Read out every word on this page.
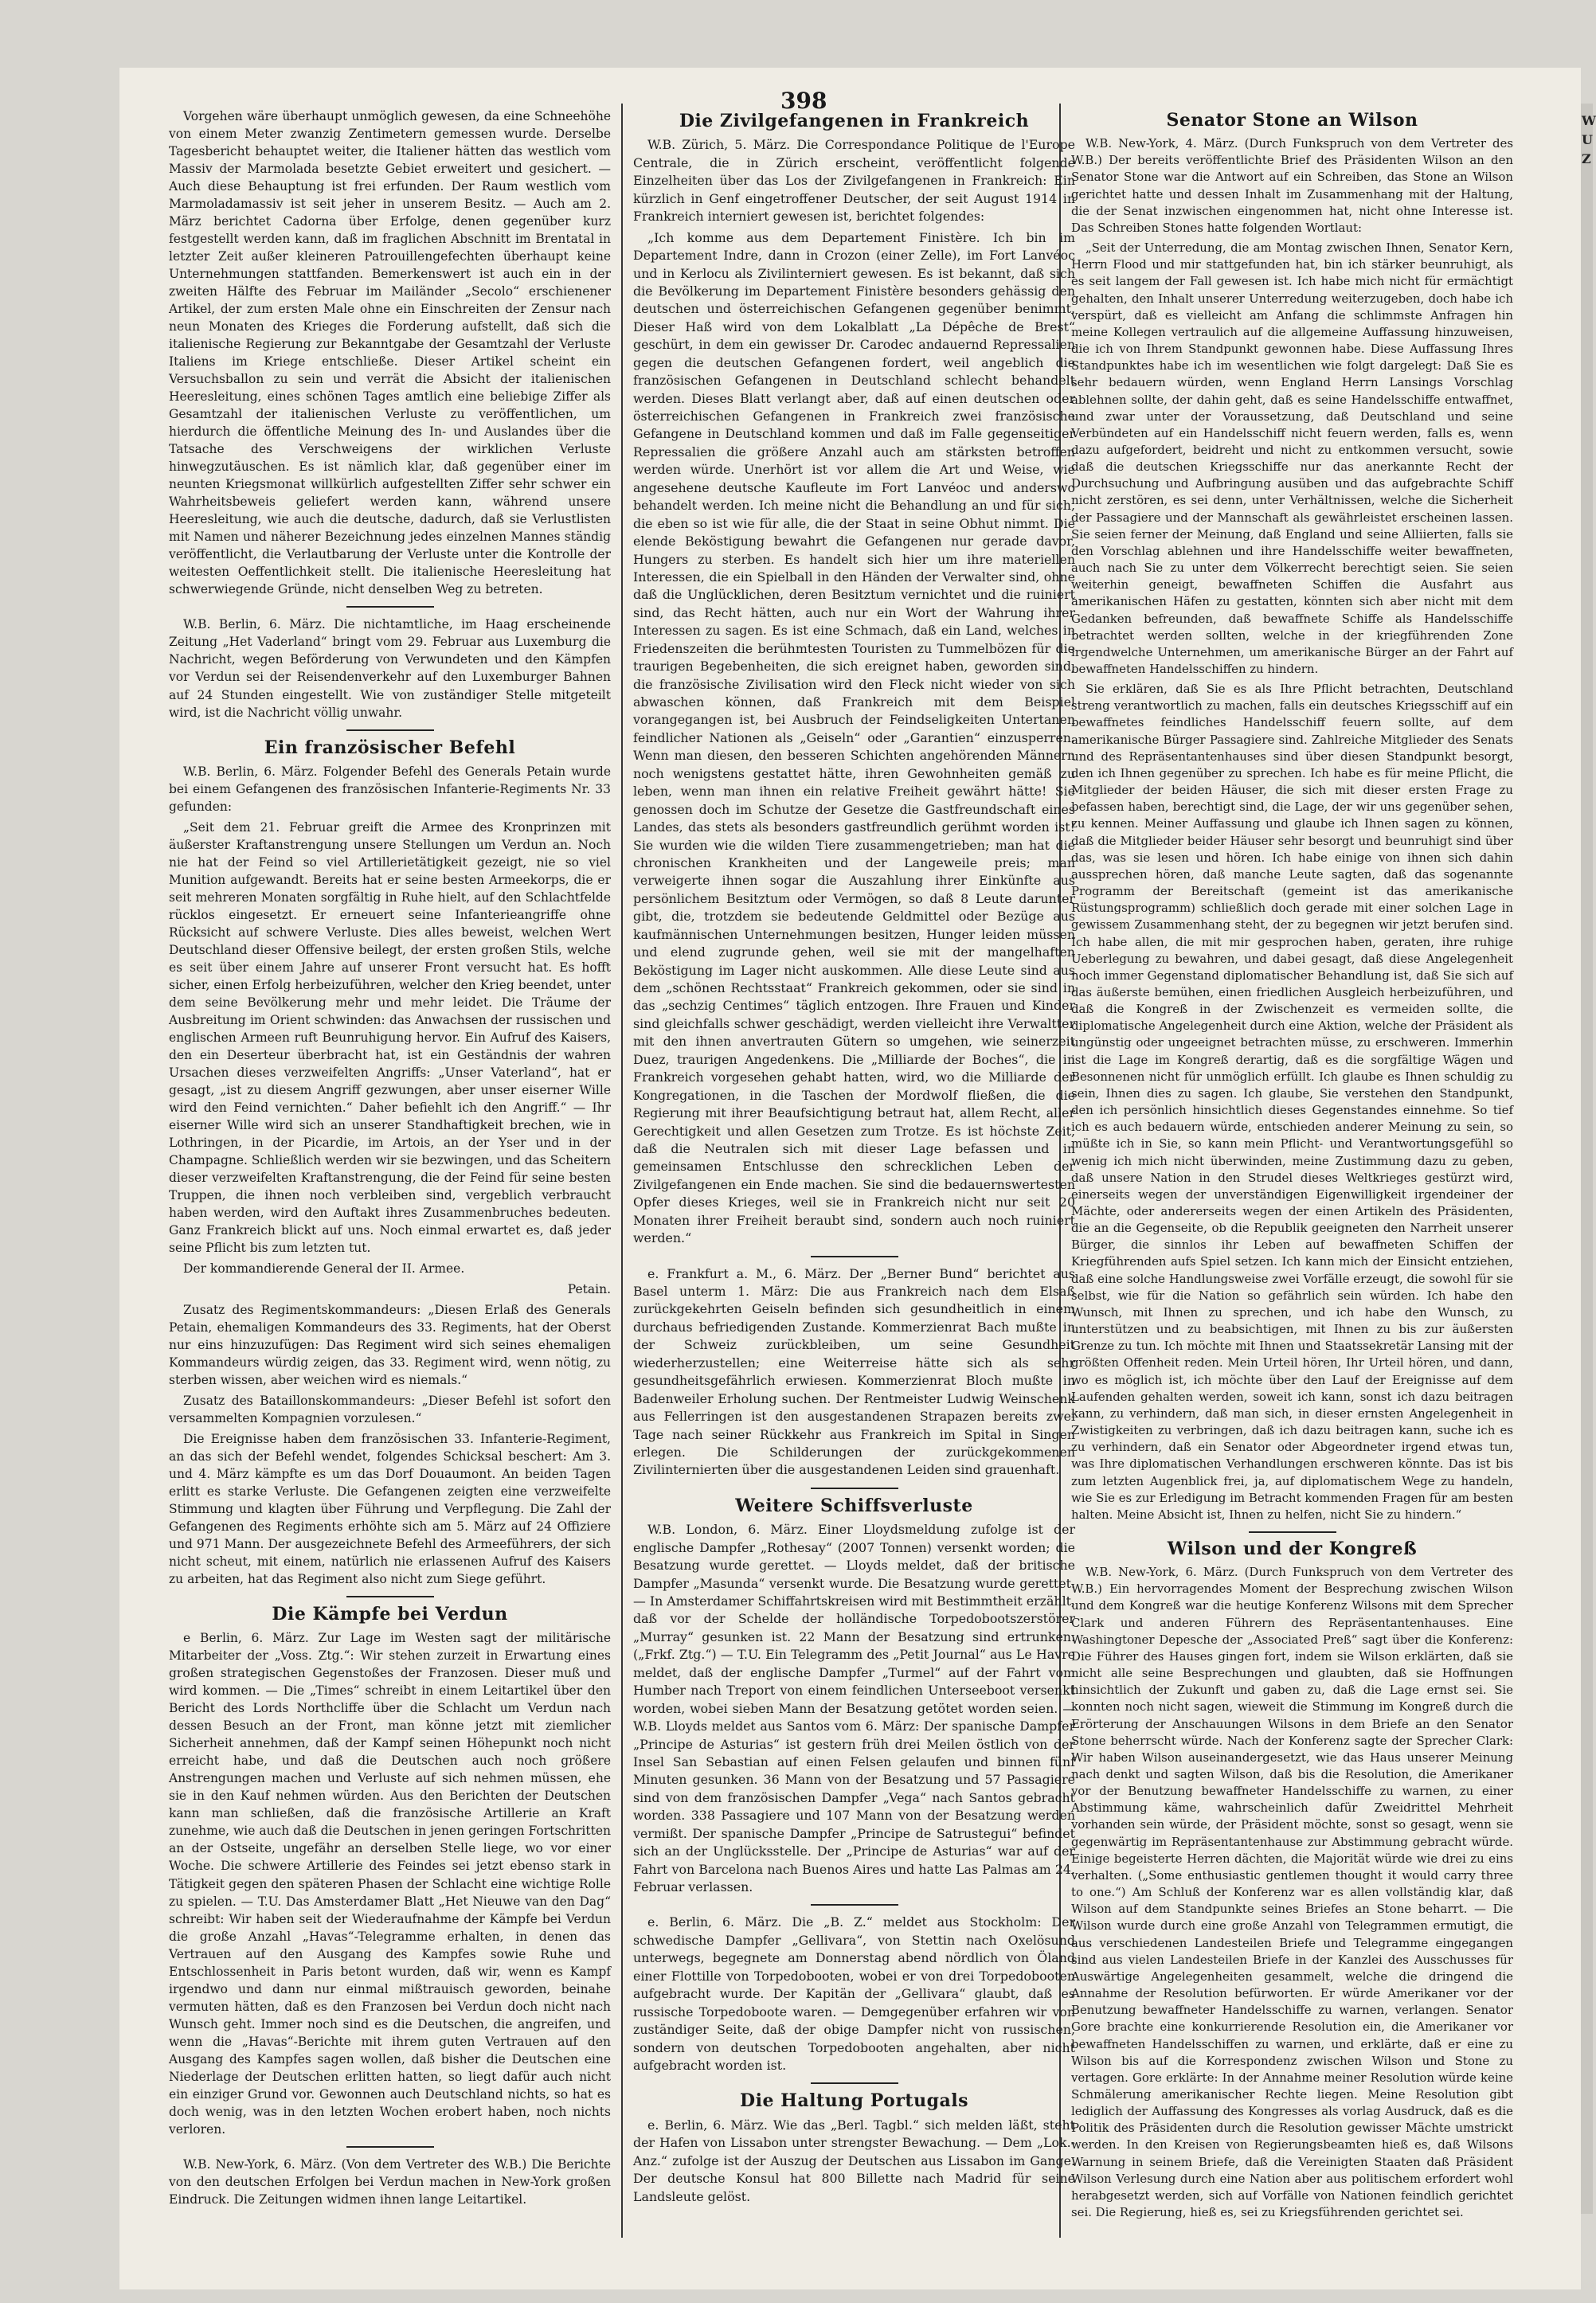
W U Z
398

Vorgehen wäre überhaupt unmöglich gewesen, da eine Schneehöhe von einem Meter zwanzig Zentimetern gemessen wurde. Derselbe Tagesbericht behauptet weiter, die Italiener hätten das westlich vom Massiv der Marmolada besetzte Gebiet erweitert und gesichert. — Auch diese Behauptung ist frei erfunden. Der Raum westlich vom Marmoladamassiv ist seit jeher in unserem Besitz. — Auch am 2. März berichtet Cadorna über Erfolge, denen gegenüber kurz festgestellt werden kann, daß im fraglichen Abschnitt im Brentatal in letzter Zeit außer kleineren Patrouillengefechten überhaupt keine Unternehmungen stattfanden. Bemerkenswert ist auch ein in der zweiten Hälfte des Februar im Mailänder „Secolo“ erschienener Artikel, der zum ersten Male ohne ein Einschreiten der Zensur nach neun Monaten des Krieges die Forderung aufstellt, daß sich die italienische Regierung zur Bekanntgabe der Gesamtzahl der Verluste Italiens im Kriege entschließe. Dieser Artikel scheint ein Versuchsballon zu sein und verrät die Absicht der italienischen Heeresleitung, eines schönen Tages amtlich eine beliebige Ziffer als Gesamtzahl der italienischen Verluste zu veröffentlichen, um hierdurch die öffentliche Meinung des In- und Auslandes über die Tatsache des Verschweigens der wirklichen Verluste hinwegzutäuschen. Es ist nämlich klar, daß gegenüber einer im neunten Kriegsmonat willkürlich aufgestellten Ziffer sehr schwer ein Wahrheitsbeweis geliefert werden kann, während unsere Heeresleitung, wie auch die deutsche, dadurch, daß sie Verlustlisten mit Namen und näherer Bezeichnung jedes einzelnen Mannes ständig veröffentlicht, die Verlautbarung der Verluste unter die Kontrolle der weitesten Oeffentlichkeit stellt. Die italienische Heeresleitung hat schwerwiegende Gründe, nicht denselben Weg zu betreten.

W.B. Berlin, 6. März. Die nichtamtliche, im Haag erscheinende Zeitung „Het Vaderland“ bringt vom 29. Februar aus Luxemburg die Nachricht, wegen Beförderung von Verwundeten und den Kämpfen vor Verdun sei der Reisendenverkehr auf den Luxemburger Bahnen auf 24 Stunden eingestellt. Wie von zuständiger Stelle mitgeteilt wird, ist die Nachricht völlig unwahr.

Ein französischer Befehl

W.B. Berlin, 6. März. Folgender Befehl des Generals Petain wurde bei einem Gefangenen des französischen Infanterie-Regiments Nr. 33 gefunden:

„Seit dem 21. Februar greift die Armee des Kronprinzen mit äußerster Kraftanstrengung unsere Stellungen um Verdun an. Noch nie hat der Feind so viel Artillerietätigkeit gezeigt, nie so viel Munition aufgewandt. Bereits hat er seine besten Armeekorps, die er seit mehreren Monaten sorgfältig in Ruhe hielt, auf den Schlachtfelde rücklos eingesetzt. Er erneuert seine Infanterieangriffe ohne Rücksicht auf schwere Verluste. Dies alles beweist, welchen Wert Deutschland dieser Offensive beilegt, der ersten großen Stils, welche es seit über einem Jahre auf unserer Front versucht hat. Es hofft sicher, einen Erfolg herbeizuführen, welcher den Krieg beendet, unter dem seine Bevölkerung mehr und mehr leidet. Die Träume der Ausbreitung im Orient schwinden: das Anwachsen der russischen und englischen Armeen ruft Beunruhigung hervor. Ein Aufruf des Kaisers, den ein Deserteur überbracht hat, ist ein Geständnis der wahren Ursachen dieses verzweifelten Angriffs: „Unser Vaterland“, hat er gesagt, „ist zu diesem Angriff gezwungen, aber unser eiserner Wille wird den Feind vernichten.“ Daher befiehlt ich den Angriff.“ — Ihr eiserner Wille wird sich an unserer Standhaftigkeit brechen, wie in Lothringen, in der Picardie, im Artois, an der Yser und in der Champagne. Schließlich werden wir sie bezwingen, und das Scheitern dieser verzweifelten Kraftanstrengung, die der Feind für seine besten Truppen, die ihnen noch verbleiben sind, vergeblich verbraucht haben werden, wird den Auftakt ihres Zusammenbruches bedeuten. Ganz Frankreich blickt auf uns. Noch einmal erwartet es, daß jeder seine Pflicht bis zum letzten tut.

Der kommandierende General der II. Armee.

Petain.

Zusatz des Regimentskommandeurs: „Diesen Erlaß des Generals Petain, ehemaligen Kommandeurs des 33. Regiments, hat der Oberst nur eins hinzuzufügen: Das Regiment wird sich seines ehemaligen Kommandeurs würdig zeigen, das 33. Regiment wird, wenn nötig, zu sterben wissen, aber weichen wird es niemals.“

Zusatz des Bataillonskommandeurs: „Dieser Befehl ist sofort den versammelten Kompagnien vorzulesen.“

Die Ereignisse haben dem französischen 33. Infanterie-Regiment, an das sich der Befehl wendet, folgendes Schicksal beschert: Am 3. und 4. März kämpfte es um das Dorf Douaumont. An beiden Tagen erlitt es starke Verluste. Die Gefangenen zeigten eine verzweifelte Stimmung und klagten über Führung und Verpflegung. Die Zahl der Gefangenen des Regiments erhöhte sich am 5. März auf 24 Offiziere und 971 Mann. Der ausgezeichnete Befehl des Armeeführers, der sich nicht scheut, mit einem, natürlich nie erlassenen Aufruf des Kaisers zu arbeiten, hat das Regiment also nicht zum Siege geführt.

Die Kämpfe bei Verdun

e Berlin, 6. März. Zur Lage im Westen sagt der militärische Mitarbeiter der „Voss. Ztg.“: Wir stehen zurzeit in Erwartung eines großen strategischen Gegenstoßes der Franzosen. Dieser muß und wird kommen. — Die „Times“ schreibt in einem Leitartikel über den Bericht des Lords Northcliffe über die Schlacht um Verdun nach dessen Besuch an der Front, man könne jetzt mit ziemlicher Sicherheit annehmen, daß der Kampf seinen Höhepunkt noch nicht erreicht habe, und daß die Deutschen auch noch größere Anstrengungen machen und Verluste auf sich nehmen müssen, ehe sie in den Kauf nehmen würden. Aus den Berichten der Deutschen kann man schließen, daß die französische Artillerie an Kraft zunehme, wie auch daß die Deutschen in jenen geringen Fortschritten an der Ostseite, ungefähr an derselben Stelle liege, wo vor einer Woche. Die schwere Artillerie des Feindes sei jetzt ebenso stark in Tätigkeit gegen den späteren Phasen der Schlacht eine wichtige Rolle zu spielen. — T.U. Das Amsterdamer Blatt „Het Nieuwe van den Dag“ schreibt: Wir haben seit der Wiederaufnahme der Kämpfe bei Verdun die große Anzahl „Havas“-Telegramme erhalten, in denen das Vertrauen auf den Ausgang des Kampfes sowie Ruhe und Entschlossenheit in Paris betont wurden, daß wir, wenn es Kampf irgendwo und dann nur einmal mißtrauisch geworden, beinahe vermuten hätten, daß es den Franzosen bei Verdun doch nicht nach Wunsch geht. Immer noch sind es die Deutschen, die angreifen, und wenn die „Havas“-Berichte mit ihrem guten Vertrauen auf den Ausgang des Kampfes sagen wollen, daß bisher die Deutschen eine Niederlage der Deutschen erlitten hatten, so liegt dafür auch nicht ein einziger Grund vor. Gewonnen auch Deutschland nichts, so hat es doch wenig, was in den letzten Wochen erobert haben, noch nichts verloren.

W.B. New-York, 6. März. (Von dem Vertreter des W.B.) Die Berichte von den deutschen Erfolgen bei Verdun machen in New-York großen Eindruck. Die Zeitungen widmen ihnen lange Leitartikel.

Die Zivilgefangenen in Frankreich

W.B. Zürich, 5. März. Die Correspondance Politique de l'Europe Centrale, die in Zürich erscheint, veröffentlicht folgende Einzelheiten über das Los der Zivilgefangenen in Frankreich: Ein kürzlich in Genf eingetroffener Deutscher, der seit August 1914 in Frankreich interniert gewesen ist, berichtet folgendes:

„Ich komme aus dem Departement Finistère. Ich bin im Departement Indre, dann in Crozon (einer Zelle), im Fort Lanvéoc und in Kerlocu als Zivilinterniert gewesen. Es ist bekannt, daß sich die Bevölkerung im Departement Finistère besonders gehässig den deutschen und österreichischen Gefangenen gegenüber benimmt. Dieser Haß wird von dem Lokalblatt „La Dépêche de Brest“ geschürt, in dem ein gewisser Dr. Carodec andauernd Repressalien gegen die deutschen Gefangenen fordert, weil angeblich die französischen Gefangenen in Deutschland schlecht behandelt werden. Dieses Blatt verlangt aber, daß auf einen deutschen oder österreichischen Gefangenen in Frankreich zwei französische Gefangene in Deutschland kommen und daß im Falle gegenseitiger Repressalien die größere Anzahl auch am stärksten betroffen werden würde. Unerhört ist vor allem die Art und Weise, wie angesehene deutsche Kaufleute im Fort Lanvéoc und anderswo behandelt werden. Ich meine nicht die Behandlung an und für sich, die eben so ist wie für alle, die der Staat in seine Obhut nimmt. Die elende Beköstigung bewahrt die Gefangenen nur gerade davor, Hungers zu sterben. Es handelt sich hier um ihre materiellen Interessen, die ein Spielball in den Händen der Verwalter sind, ohne daß die Unglücklichen, deren Besitztum vernichtet und die ruiniert sind, das Recht hätten, auch nur ein Wort der Wahrung ihrer Interessen zu sagen. Es ist eine Schmach, daß ein Land, welches in Friedenszeiten die berühmtesten Touristen zu Tummelbözen für die traurigen Begebenheiten, die sich ereignet haben, geworden sind, die französische Zivilisation wird den Fleck nicht wieder von sich abwaschen können, daß Frankreich mit dem Beispiel vorangegangen ist, bei Ausbruch der Feindseligkeiten Untertanen feindlicher Nationen als „Geiseln“ oder „Garantien“ einzusperren. Wenn man diesen, den besseren Schichten angehörenden Männern noch wenigstens gestattet hätte, ihren Gewohnheiten gemäß zu leben, wenn man ihnen ein relative Freiheit gewährt hätte! Sie genossen doch im Schutze der Gesetze die Gastfreundschaft eines Landes, das stets als besonders gastfreundlich gerühmt worden ist! Sie wurden wie die wilden Tiere zusammengetrieben; man hat die chronischen Krankheiten und der Langeweile preis; man verweigerte ihnen sogar die Auszahlung ihrer Einkünfte aus persönlichem Besitztum oder Vermögen, so daß 8 Leute darunter gibt, die, trotzdem sie bedeutende Geldmittel oder Bezüge aus kaufmännischen Unternehmungen besitzen, Hunger leiden müssen und elend zugrunde gehen, weil sie mit der mangelhaften Beköstigung im Lager nicht auskommen. Alle diese Leute sind aus dem „schönen Rechtsstaat“ Frankreich gekommen, oder sie sind in das „sechzig Centimes“ täglich entzogen. Ihre Frauen und Kinder sind gleichfalls schwer geschädigt, werden vielleicht ihre Verwaltter mit den ihnen anvertrauten Gütern so umgehen, wie seinerzeit Duez, traurigen Angedenkens. Die „Milliarde der Boches“, die in Frankreich vorgesehen gehabt hatten, wird, wo die Milliarde der Kongregationen, in die Taschen der Mordwolf fließen, die die Regierung mit ihrer Beaufsichtigung betraut hat, allem Recht, aller Gerechtigkeit und allen Gesetzen zum Trotze. Es ist höchste Zeit, daß die Neutralen sich mit dieser Lage befassen und in gemeinsamen Entschlusse den schrecklichen Leben der Zivilgefangenen ein Ende machen. Sie sind die bedauernswertesten Opfer dieses Krieges, weil sie in Frankreich nicht nur seit 20 Monaten ihrer Freiheit beraubt sind, sondern auch noch ruiniert werden.“

e. Frankfurt a. M., 6. März. Der „Berner Bund“ berichtet aus Basel unterm 1. März: Die aus Frankreich nach dem Elsaß zurückgekehrten Geiseln befinden sich gesundheitlich in einem durchaus befriedigenden Zustande. Kommerzienrat Bach mußte in der Schweiz zurückbleiben, um seine Gesundheit wiederherzustellen; eine Weiterreise hätte sich als sehr gesundheitsgefährlich erwiesen. Kommerzienrat Bloch mußte in Badenweiler Erholung suchen. Der Rentmeister Ludwig Weinschenk aus Fellerringen ist den ausgestandenen Strapazen bereits zwei Tage nach seiner Rückkehr aus Frankreich im Spital in Singen erlegen. Die Schilderungen der zurückgekommenen Zivilinternierten über die ausgestandenen Leiden sind grauenhaft.

Weitere Schiffsverluste

W.B. London, 6. März. Einer Lloydsmeldung zufolge ist der englische Dampfer „Rothesay“ (2007 Tonnen) versenkt worden; die Besatzung wurde gerettet. — Lloyds meldet, daß der britische Dampfer „Masunda“ versenkt wurde. Die Besatzung wurde gerettet. — In Amsterdamer Schiffahrtskreisen wird mit Bestimmtheit erzählt, daß vor der Schelde der holländische Torpedobootszerstörer „Murray“ gesunken ist. 22 Mann der Besatzung sind ertrunken. („Frkf. Ztg.“) — T.U. Ein Telegramm des „Petit Journal“ aus Le Havre meldet, daß der englische Dampfer „Turmel“ auf der Fahrt vom Humber nach Treport von einem feindlichen Unterseeboot versenkt worden, wobei sieben Mann der Besatzung getötet worden seien. — W.B. Lloyds meldet aus Santos vom 6. März: Der spanische Dampfer „Principe de Asturias“ ist gestern früh drei Meilen östlich von der Insel San Sebastian auf einen Felsen gelaufen und binnen fünf Minuten gesunken. 36 Mann von der Besatzung und 57 Passagiere sind von dem französischen Dampfer „Vega“ nach Santos gebracht worden. 338 Passagiere und 107 Mann von der Besatzung werden vermißt. Der spanische Dampfer „Principe de Satrustegui“ befindet sich an der Unglücksstelle. Der „Principe de Asturias“ war auf der Fahrt von Barcelona nach Buenos Aires und hatte Las Palmas am 24. Februar verlassen.

e. Berlin, 6. März. Die „B. Z.“ meldet aus Stockholm: Der schwedische Dampfer „Gellivara“, von Stettin nach Oxelösund unterwegs, begegnete am Donnerstag abend nördlich von Öland einer Flottille von Torpedobooten, wobei er von drei Torpedobooten aufgebracht wurde. Der Kapitän der „Gellivara“ glaubt, daß es russische Torpedoboote waren. — Demgegenüber erfahren wir von zuständiger Seite, daß der obige Dampfer nicht von russischen, sondern von deutschen Torpedobooten angehalten, aber nicht aufgebracht worden ist.

Die Haltung Portugals

e. Berlin, 6. März. Wie das „Berl. Tagbl.“ sich melden läßt, steht der Hafen von Lissabon unter strengster Bewachung. — Dem „Lok.-Anz.“ zufolge ist der Auszug der Deutschen aus Lissabon im Gange. Der deutsche Konsul hat 800 Billette nach Madrid für seine Landsleute gelöst.

Senator Stone an Wilson

W.B. New-York, 4. März. (Durch Funkspruch von dem Vertreter des W.B.) Der bereits veröffentlichte Brief des Präsidenten Wilson an den Senator Stone war die Antwort auf ein Schreiben, das Stone an Wilson gerichtet hatte und dessen Inhalt im Zusammenhang mit der Haltung, die der Senat inzwischen eingenommen hat, nicht ohne Interesse ist. Das Schreiben Stones hatte folgenden Wortlaut:

„Seit der Unterredung, die am Montag zwischen Ihnen, Senator Kern, Herrn Flood und mir stattgefunden hat, bin ich stärker beunruhigt, als es seit langem der Fall gewesen ist. Ich habe mich nicht für ermächtigt gehalten, den Inhalt unserer Unterredung weiterzugeben, doch habe ich verspürt, daß es vielleicht am Anfang die schlimmste Anfragen hin meine Kollegen vertraulich auf die allgemeine Auffassung hinzuweisen, die ich von Ihrem Standpunkt gewonnen habe. Diese Auffassung Ihres Standpunktes habe ich im wesentlichen wie folgt dargelegt: Daß Sie es sehr bedauern würden, wenn England Herrn Lansings Vorschlag ablehnen sollte, der dahin geht, daß es seine Handelsschiffe entwaffnet, und zwar unter der Voraussetzung, daß Deutschland und seine Verbündeten auf ein Handelsschiff nicht feuern werden, falls es, wenn dazu aufgefordert, beidreht und nicht zu entkommen versucht, sowie daß die deutschen Kriegsschiffe nur das anerkannte Recht der Durchsuchung und Aufbringung ausüben und das aufgebrachte Schiff nicht zerstören, es sei denn, unter Verhältnissen, welche die Sicherheit der Passagiere und der Mannschaft als gewährleistet erscheinen lassen. Sie seien ferner der Meinung, daß England und seine Alliierten, falls sie den Vorschlag ablehnen und ihre Handelsschiffe weiter bewaffneten, auch nach Sie zu unter dem Völkerrecht berechtigt seien. Sie seien weiterhin geneigt, bewaffneten Schiffen die Ausfahrt aus amerikanischen Häfen zu gestatten, könnten sich aber nicht mit dem Gedanken befreunden, daß bewaffnete Schiffe als Handelsschiffe betrachtet werden sollten, welche in der kriegführenden Zone irgendwelche Unternehmen, um amerikanische Bürger an der Fahrt auf bewaffneten Handelsschiffen zu hindern.

Sie erklären, daß Sie es als Ihre Pflicht betrachten, Deutschland streng verantwortlich zu machen, falls ein deutsches Kriegsschiff auf ein bewaffnetes feindliches Handelsschiff feuern sollte, auf dem amerikanische Bürger Passagiere sind. Zahlreiche Mitglieder des Senats und des Repräsentantenhauses sind über diesen Standpunkt besorgt, den ich Ihnen gegenüber zu sprechen. Ich habe es für meine Pflicht, die Mitglieder der beiden Häuser, die sich mit dieser ersten Frage zu befassen haben, berechtigt sind, die Lage, der wir uns gegenüber sehen, zu kennen. Meiner Auffassung und glaube ich Ihnen sagen zu können, daß die Mitglieder beider Häuser sehr besorgt und beunruhigt sind über das, was sie lesen und hören. Ich habe einige von ihnen sich dahin aussprechen hören, daß manche Leute sagten, daß das sogenannte Programm der Bereitschaft (gemeint ist das amerikanische Rüstungsprogramm) schließlich doch gerade mit einer solchen Lage in gewissem Zusammenhang steht, der zu begegnen wir jetzt berufen sind. Ich habe allen, die mit mir gesprochen haben, geraten, ihre ruhige Ueberlegung zu bewahren, und dabei gesagt, daß diese Angelegenheit noch immer Gegenstand diplomatischer Behandlung ist, daß Sie sich auf das äußerste bemühen, einen friedlichen Ausgleich herbeizuführen, und daß die Kongreß in der Zwischenzeit es vermeiden sollte, die diplomatische Angelegenheit durch eine Aktion, welche der Präsident als ungünstig oder ungeeignet betrachten müsse, zu erschweren. Immerhin ist die Lage im Kongreß derartig, daß es die sorgfältige Wägen und Besonnenen nicht für unmöglich erfüllt. Ich glaube es Ihnen schuldig zu sein, Ihnen dies zu sagen. Ich glaube, Sie verstehen den Standpunkt, den ich persönlich hinsichtlich dieses Gegenstandes einnehme. So tief ich es auch bedauern würde, entschieden anderer Meinung zu sein, so müßte ich in Sie, so kann mein Pflicht- und Verantwortungsgefühl so wenig ich mich nicht überwinden, meine Zustimmung dazu zu geben, daß unsere Nation in den Strudel dieses Weltkrieges gestürzt wird, einerseits wegen der unverständigen Eigenwilligkeit irgendeiner der Mächte, oder andererseits wegen der einen Artikeln des Präsidenten, die an die Gegenseite, ob die Republik geeigneten den Narrheit unserer Bürger, die sinnlos ihr Leben auf bewaffneten Schiffen der Kriegführenden aufs Spiel setzen. Ich kann mich der Einsicht entziehen, daß eine solche Handlungsweise zwei Vorfälle erzeugt, die sowohl für sie selbst, wie für die Nation so gefährlich sein würden. Ich habe den Wunsch, mit Ihnen zu sprechen, und ich habe den Wunsch, zu unterstützen und zu beabsichtigen, mit Ihnen zu bis zur äußersten Grenze zu tun. Ich möchte mit Ihnen und Staatssekretär Lansing mit der größten Offenheit reden. Mein Urteil hören, Ihr Urteil hören, und dann, wo es möglich ist, ich möchte über den Lauf der Ereignisse auf dem Laufenden gehalten werden, soweit ich kann, sonst ich dazu beitragen kann, zu verhindern, daß man sich, in dieser ernsten Angelegenheit in Zwistigkeiten zu verbringen, daß ich dazu beitragen kann, suche ich es zu verhindern, daß ein Senator oder Abgeordneter irgend etwas tun, was Ihre diplomatischen Verhandlungen erschweren könnte. Das ist bis zum letzten Augenblick frei, ja, auf diplomatischem Wege zu handeln, wie Sie es zur Erledigung im Betracht kommenden Fragen für am besten halten. Meine Absicht ist, Ihnen zu helfen, nicht Sie zu hindern.“

Wilson und der Kongreß

W.B. New-York, 6. März. (Durch Funkspruch von dem Vertreter des W.B.) Ein hervorragendes Moment der Besprechung zwischen Wilson und dem Kongreß war die heutige Konferenz Wilsons mit dem Sprecher Clark und anderen Führern des Repräsentantenhauses. Eine Washingtoner Depesche der „Associated Preß“ sagt über die Konferenz: Die Führer des Hauses gingen fort, indem sie Wilson erklärten, daß sie nicht alle seine Besprechungen und glaubten, daß sie Hoffnungen hinsichtlich der Zukunft und gaben zu, daß die Lage ernst sei. Sie konnten noch nicht sagen, wieweit die Stimmung im Kongreß durch die Erörterung der Anschauungen Wilsons in dem Briefe an den Senator Stone beherrscht würde. Nach der Konferenz sagte der Sprecher Clark: Wir haben Wilson auseinandergesetzt, wie das Haus unserer Meinung nach denkt und sagten Wilson, daß bis die Resolution, die Amerikaner vor der Benutzung bewaffneter Handelsschiffe zu warnen, zu einer Abstimmung käme, wahrscheinlich dafür Zweidrittel Mehrheit vorhanden sein würde, der Präsident möchte, sonst so gesagt, wenn sie gegenwärtig im Repräsentantenhause zur Abstimmung gebracht würde. Einige begeisterte Herren dächten, die Majorität würde wie drei zu eins verhalten. („Some enthusiastic gentlemen thought it would carry three to one.“) Am Schluß der Konferenz war es allen vollständig klar, daß Wilson auf dem Standpunkte seines Briefes an Stone beharrt. — Die Wilson wurde durch eine große Anzahl von Telegrammen ermutigt, die aus verschiedenen Landesteilen Briefe und Telegramme eingegangen sind aus vielen Landesteilen Briefe in der Kanzlei des Ausschusses für Auswärtige Angelegenheiten gesammelt, welche die dringend die Annahme der Resolution befürworten. Er würde Amerikaner vor der Benutzung bewaffneter Handelsschiffe zu warnen, verlangen. Senator Gore brachte eine konkurrierende Resolution ein, die Amerikaner vor bewaffneten Handelsschiffen zu warnen, und erklärte, daß er eine zu Wilson bis auf die Korrespondenz zwischen Wilson und Stone zu vertagen. Gore erklärte: In der Annahme meiner Resolution würde keine Schmälerung amerikanischer Rechte liegen. Meine Resolution gibt lediglich der Auffassung des Kongresses als vorlag Ausdruck, daß es die Politik des Präsidenten durch die Resolution gewisser Mächte umstrickt werden. In den Kreisen von Regierungsbeamten hieß es, daß Wilsons Warnung in seinem Briefe, daß die Vereinigten Staaten daß Präsident Wilson Verlesung durch eine Nation aber aus politischem erfordert wohl herabgesetzt werden, sich auf Vorfälle von Nationen feindlich gerichtet sei. Die Regierung, hieß es, sei zu Kriegsführenden gerichtet sei.
